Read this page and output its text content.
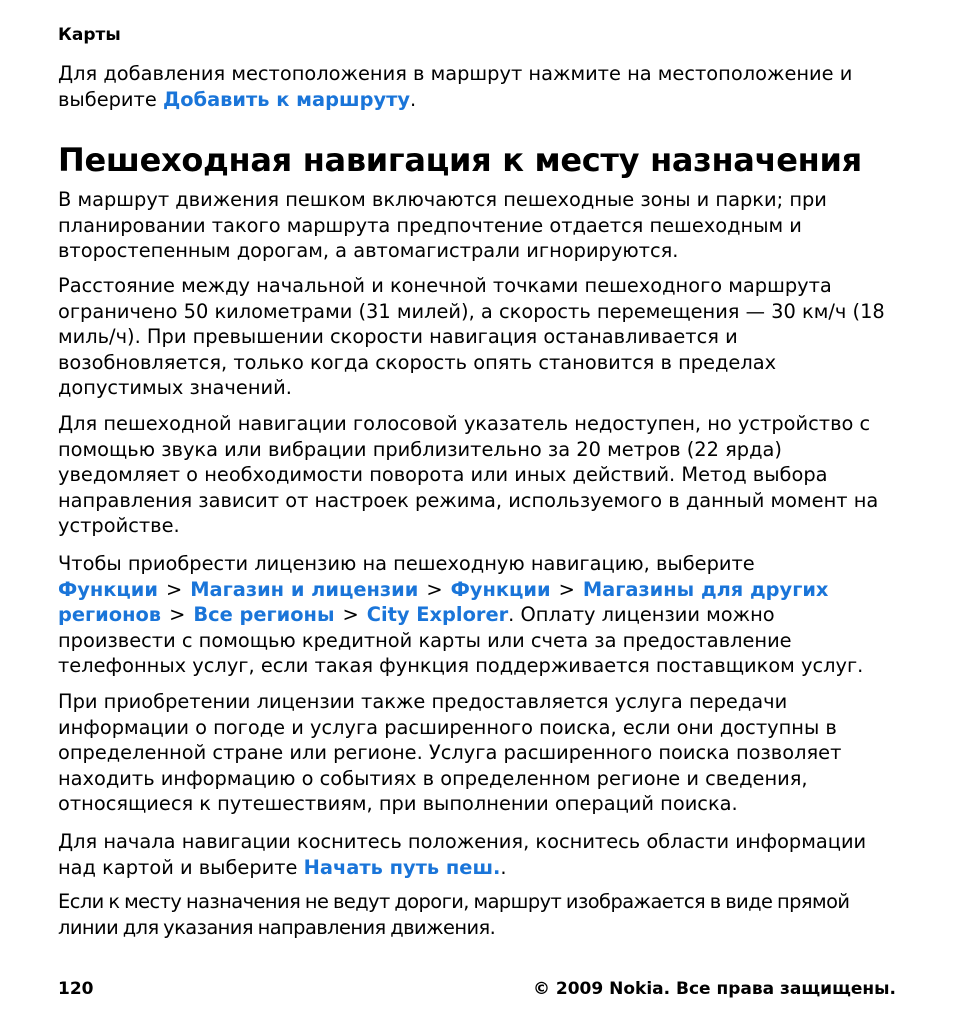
Карты

Для добавления местоположения в маршрут нажмите на местоположение и выберите Добавить к маршруту.

Пешеходная навигация к месту назначения

В маршрут движения пешком включаются пешеходные зоны и парки; при планировании такого маршрута предпочтение отдается пешеходным и второстепенным дорогам, а автомагистрали игнорируются.

Расстояние между начальной и конечной точками пешеходного маршрута ограничено 50 километрами (31 милей), а скорость перемещения — 30 км/ч (18 миль/ч). При превышении скорости навигация останавливается и возобновляется, только когда скорость опять становится в пределах допустимых значений.

Для пешеходной навигации голосовой указатель недоступен, но устройство с помощью звука или вибрации приблизительно за 20 метров (22 ярда) уведомляет о необходимости поворота или иных действий. Метод выбора направления зависит от настроек режима, используемого в данный момент на устройстве.

Чтобы приобрести лицензию на пешеходную навигацию, выберите Функции > Магазин и лицензии > Функции > Магазины для других регионов > Все регионы > City Explorer. Оплату лицензии можно произвести с помощью кредитной карты или счета за предоставление телефонных услуг, если такая функция поддерживается поставщиком услуг.

При приобретении лицензии также предоставляется услуга передачи информации о погоде и услуга расширенного поиска, если они доступны в определенной стране или регионе. Услуга расширенного поиска позволяет находить информацию о событиях в определенном регионе и сведения, относящиеся к путешествиям, при выполнении операций поиска.

Для начала навигации коснитесь положения, коснитесь области информации над картой и выберите Начать путь пеш..

Если к месту назначения не ведут дороги, маршрут изображается в виде прямой линии для указания направления движения.

120	© 2009 Nokia. Все права защищены.
